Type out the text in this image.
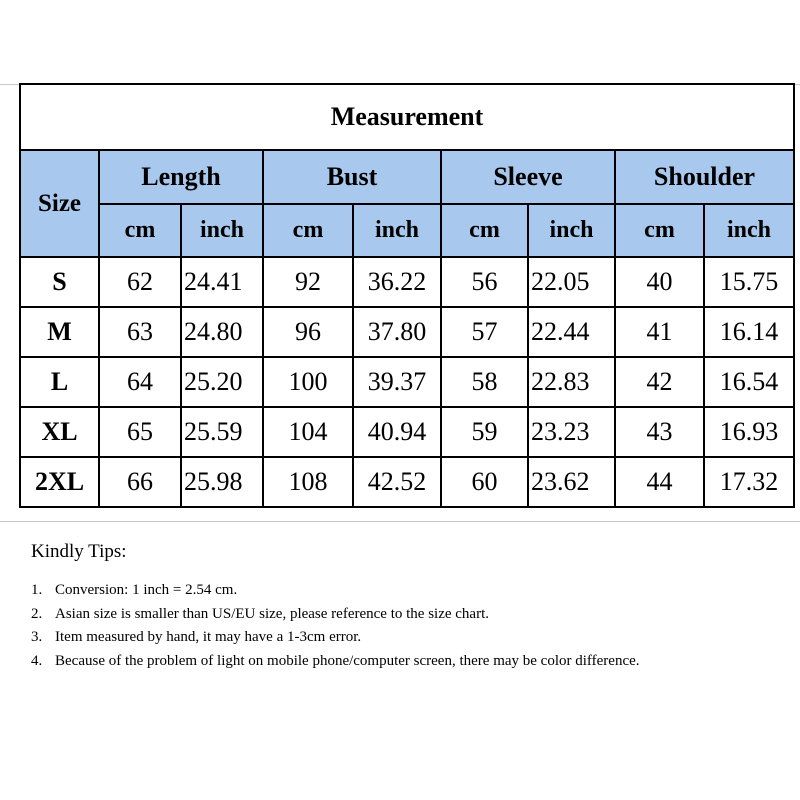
Measurement								
Size	Length		Bust		Sleeve		Shoulder	
	cm	inch	cm	inch	cm	inch	cm	inch
S	62	24.41	92	36.22	56	22.05	40	15.75
M	63	24.80	96	37.80	57	22.44	41	16.14
L	64	25.20	100	39.37	58	22.83	42	16.54
XL	65	25.59	104	40.94	59	23.23	43	16.93
2XL	66	25.98	108	42.52	60	23.62	44	17.32
Kindly Tips:
1. Conversion: 1 inch = 2.54 cm.
2. Asian size is smaller than US/EU size, please reference to the size chart.
3. Item measured by hand, it may have a 1-3cm error.
4. Because of the problem of light on mobile phone/computer screen, there may be color difference.
